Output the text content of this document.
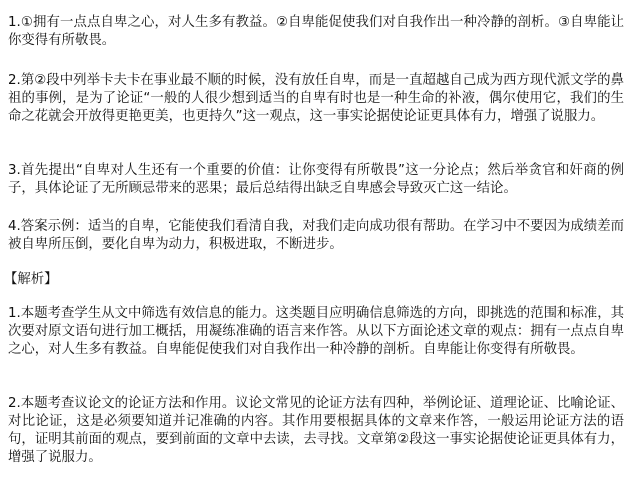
1.①拥有一点点自卑之心，对人生多有教益。②自卑能促使我们对自我作出一种冷静的剖析。③自卑能让你变得有所敬畏。

2.第②段中列举卡夫卡在事业最不顺的时候，没有放任自卑，而是一直超越自己成为西方现代派文学的鼻祖的事例，是为了论证“一般的人很少想到适当的自卑有时也是一种生命的补液，偶尔使用它，我们的生命之花就会开放得更艳更美，也更持久”这一观点，这一事实论据使论证更具体有力，增强了说服力。

3.首先提出“自卑对人生还有一个重要的价值：让你变得有所敬畏”这一分论点；然后举贪官和奸商的例子，具体论证了无所顾忌带来的恶果；最后总结得出缺乏自卑感会导致灭亡这一结论。

4.答案示例：适当的自卑，它能使我们看清自我，对我们走向成功很有帮助。在学习中不要因为成绩差而被自卑所压倒，要化自卑为动力，积极进取，不断进步。

【解析】

1.本题考查学生从文中筛选有效信息的能力。这类题目应明确信息筛选的方向，即挑选的范围和标准，其次要对原文语句进行加工概括，用凝练准确的语言来作答。从以下方面论述文章的观点：拥有一点点自卑之心，对人生多有教益。自卑能促使我们对自我作出一种冷静的剖析。自卑能让你变得有所敬畏。

2.本题考查议论文的论证方法和作用。议论文常见的论证方法有四种，举例论证、道理论证、比喻论证、对比论证，这是必须要知道并记准确的内容。其作用要根据具体的文章来作答，一般运用论证方法的语句，证明其前面的观点，要到前面的文章中去读，去寻找。文章第②段这一事实论据使论证更具体有力，增强了说服力。
